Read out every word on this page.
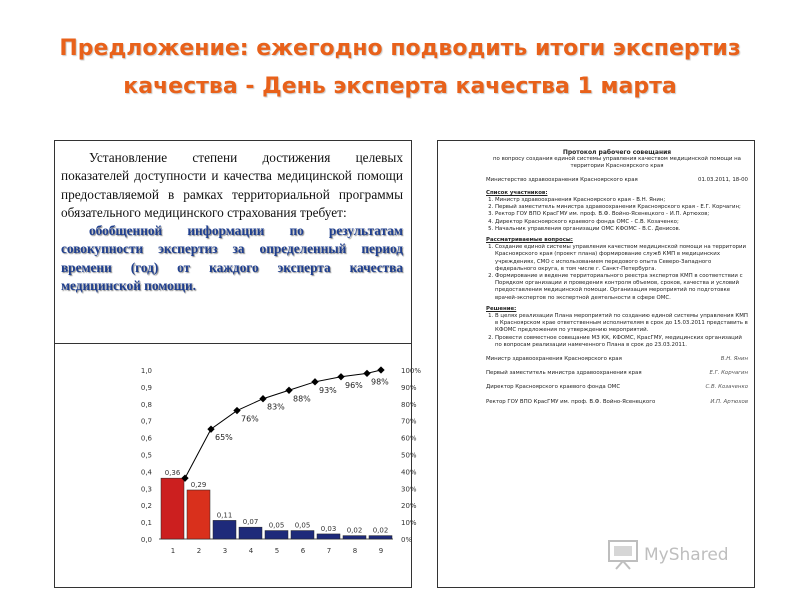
Предложение: ежегодно подводить итоги экспертиз
качества - День эксперта качества 1 марта

Установление степени достижения целевых показателей доступности и качества медицинской помощи предоставляемой в рамках территориальной программы обязательного медицинского страхования требует:

обобщенной информации по результатам совокупности экспертиз за определенный период времени (год) от каждого эксперта качества медицинской помощи.

0,0
0,1
0,2
0,3
0,4
0,5
0,6
0,7
0,8
0,9
1,0
0%
10%
20%
30%
40%
50%
60%
70%
80%
90%
100%
0,36
1
0,29
2
0,11
3
0,07
4
0,05
5
0,05
6
0,03
7
0,02
8
0,02
9
65%
76%
83%
88%
93%
96% 98%
Протокол рабочего совещания
по вопросу создания единой системы управления качеством медицинской помощи на территории Красноярского края
Министерство здравоохранения Красноярского края	01.03.2011, 18-00
Список участников:
1. Министр здравоохранения Красноярского края - В.Н. Янин;
2. Первый заместитель министра здравоохранения Красноярского края - Е.Г. Корчагин;
3. Ректор ГОУ ВПО КрасГМУ им. проф. В.Ф. Войно-Ясенецкого - И.П. Артюхов;
4. Директор Красноярского краевого фонда ОМС - С.В. Козаченко;
5. Начальник управления организации ОМС КФОМС - В.С. Денисов.
Рассматриваемые вопросы:
1. Создание единой системы управления качеством медицинской помощи на территории Красноярского края (проект плана) формирование служб КМП в медицинских учреждениях, СМО с использованием передового опыта Северо-Западного федерального округа, в том числе г. Санкт-Петербурга.
2. Формирование и ведение территориального реестра экспертов КМП в соответствии с Порядком организации и проведения контроля объемов, сроков, качества и условий предоставления медицинской помощи. Организация мероприятий по подготовке врачей-экспертов по экспертной деятельности в сфере ОМС.
Решение:
1. В целях реализации Плана мероприятий по созданию единой системы управления КМП в Красноярском крае ответственным исполнителям в срок до 15.03.2011 представить в КФОМС предложения по утверждению мероприятий.
2. Провести совместное совещание МЗ КК, КФОМС, КрасГМУ, медицинских организаций по вопросам реализации намеченного Плана в срок до 23.03.2011.
Министр здравоохранения Красноярского края	В.Н. Янин
Первый заместитель министра здравоохранения края	Е.Г. Корчагин
Директор Красноярского краевого фонда ОМС	С.В. Козаченко
Ректор ГОУ ВПО КрасГМУ им. проф. В.Ф. Войно-Ясенецкого	И.П. Артюхов
MyShared
